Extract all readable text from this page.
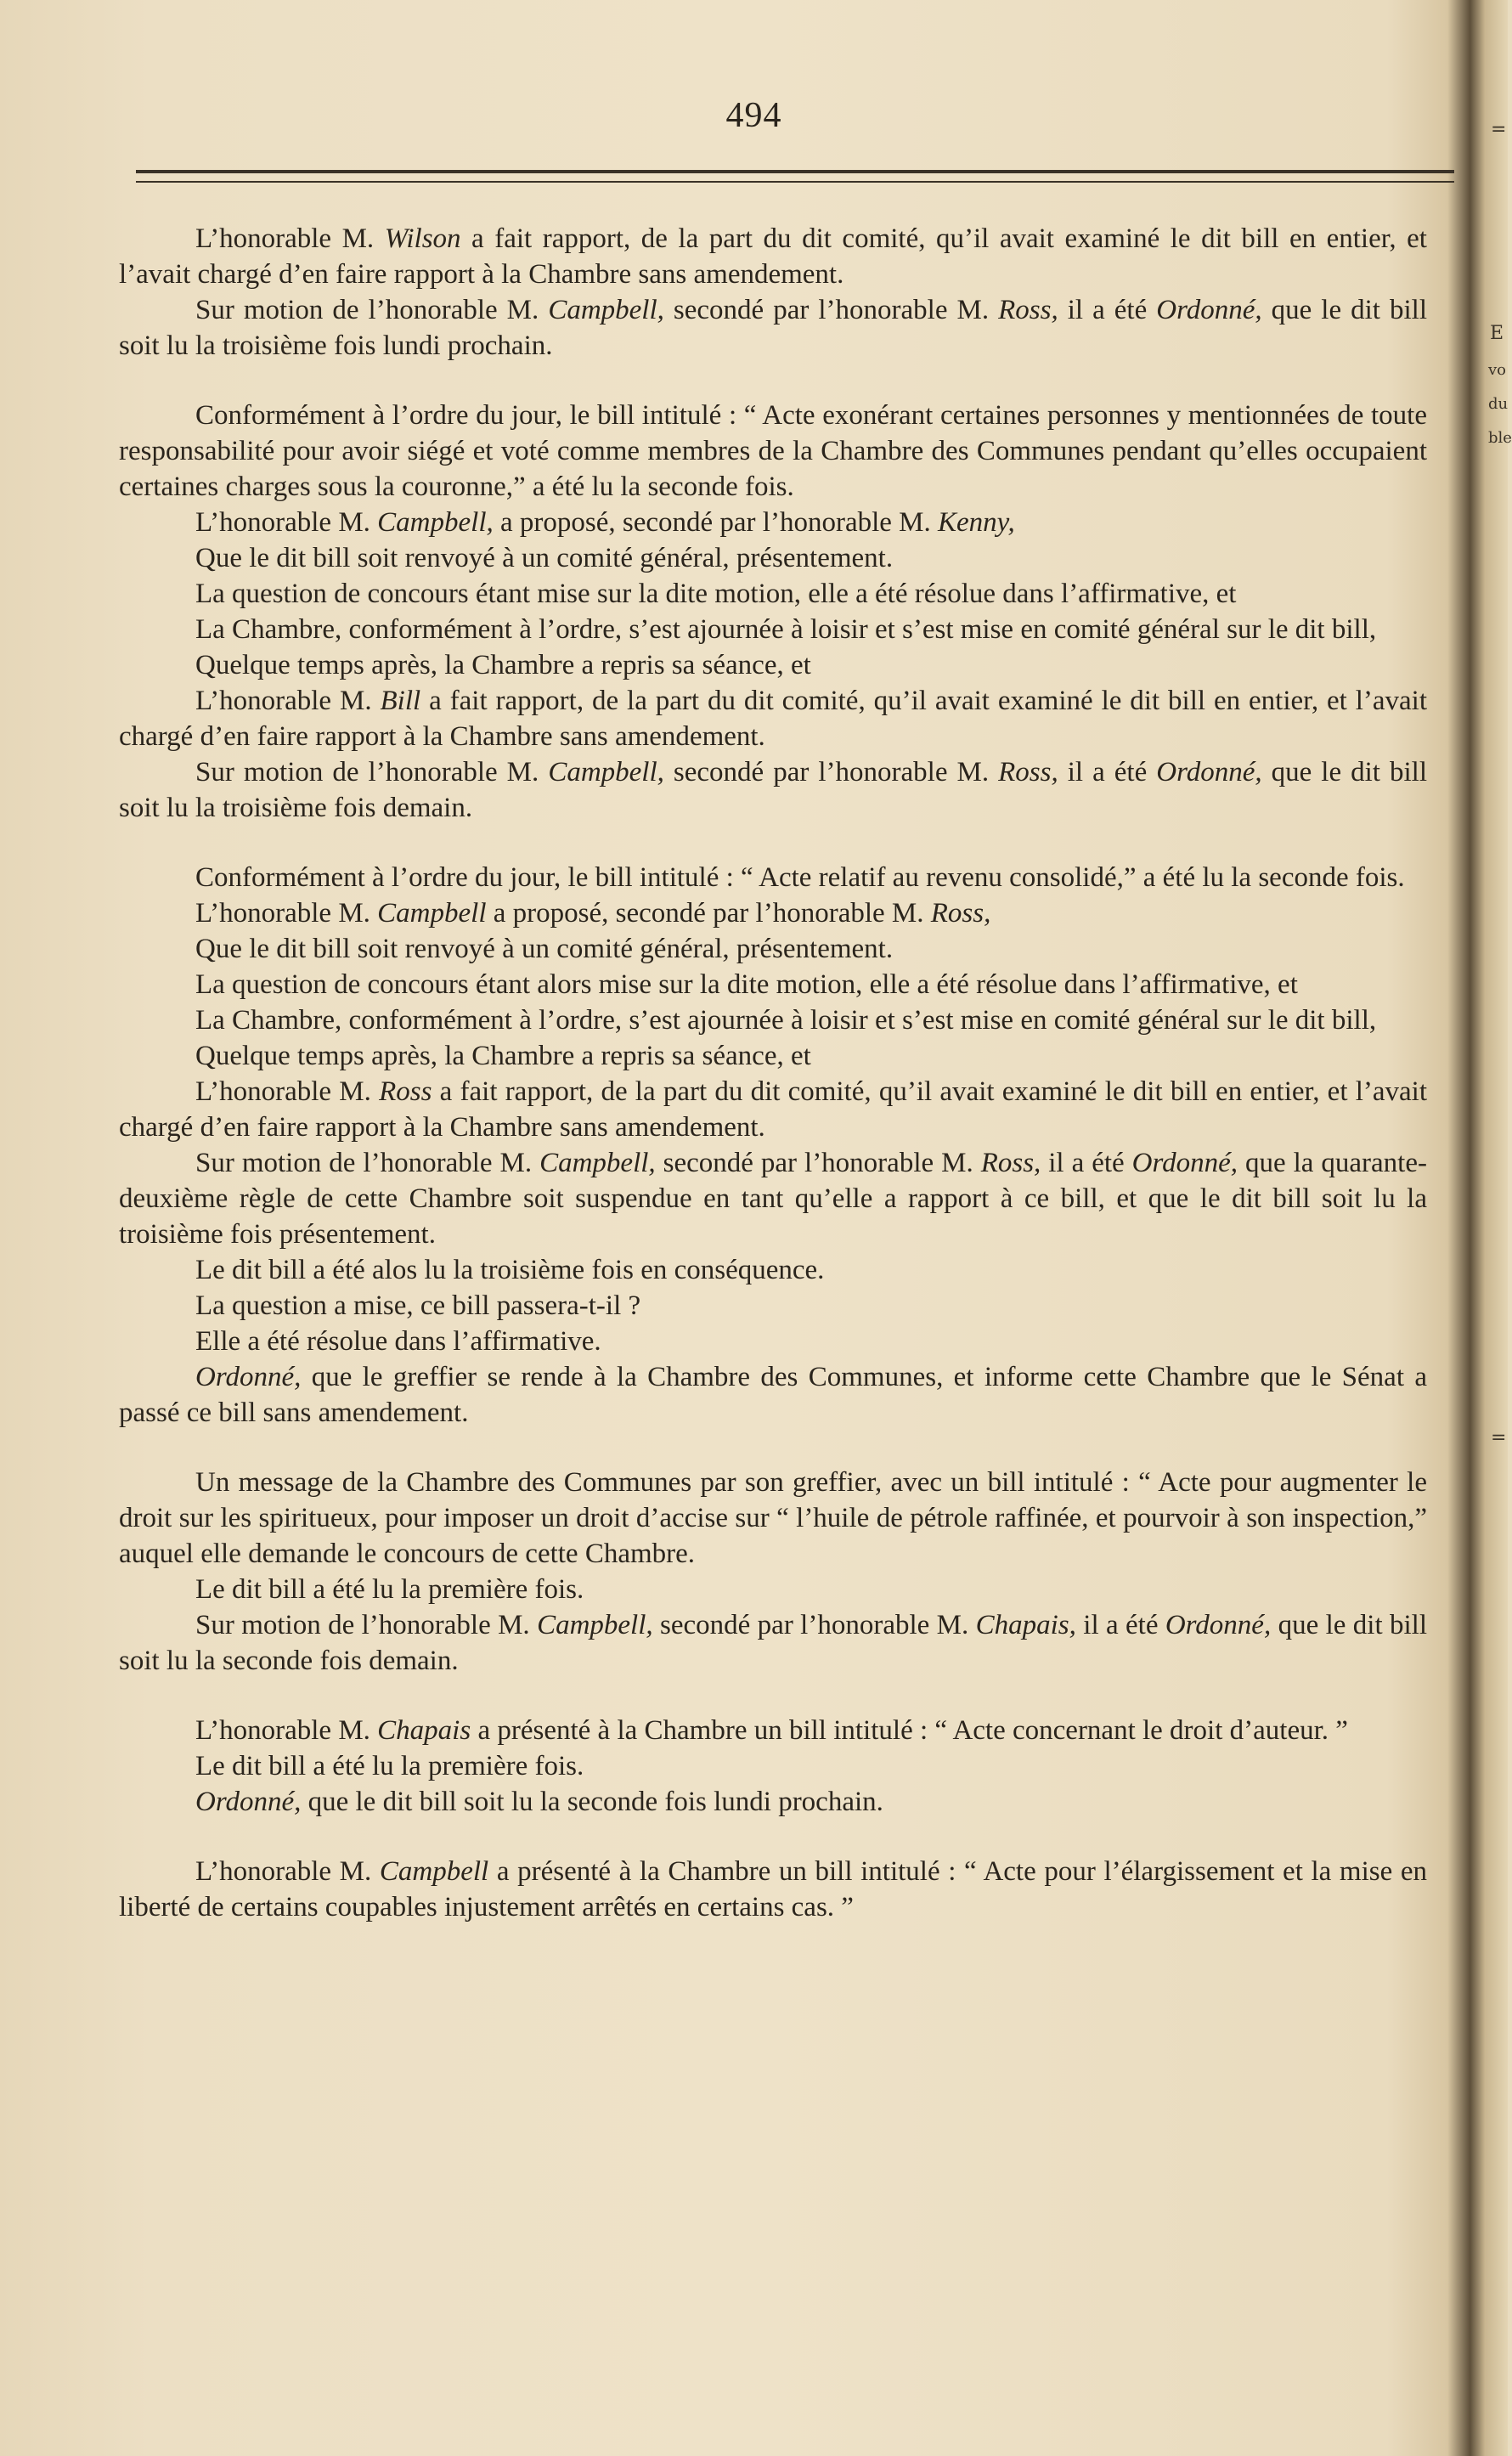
494

L’honorable M. Wilson a fait rapport, de la part du dit comité, qu’il avait examiné le dit bill en entier, et l’avait chargé d’en faire rapport à la Chambre sans amendement.

Sur motion de l’honorable M. Campbell, secondé par l’honorable M. Ross, il a été Ordonné, que le dit bill soit lu la troisième fois lundi prochain.

Conformément à l’ordre du jour, le bill intitulé : “ Acte exonérant certaines personnes y mentionnées de toute responsabilité pour avoir siégé et voté comme membres de la Chambre des Communes pendant qu’elles occupaient certaines charges sous la couronne,” a été lu la seconde fois.

L’honorable M. Campbell, a proposé, secondé par l’honorable M. Kenny,

Que le dit bill soit renvoyé à un comité général, présentement.

La question de concours étant mise sur la dite motion, elle a été résolue dans l’affirmative, et

La Chambre, conformément à l’ordre, s’est ajournée à loisir et s’est mise en comité général sur le dit bill,

Quelque temps après, la Chambre a repris sa séance, et

L’honorable M. Bill a fait rapport, de la part du dit comité, qu’il avait examiné le dit bill en entier, et l’avait chargé d’en faire rapport à la Chambre sans amendement.

Sur motion de l’honorable M. Campbell, secondé par l’honorable M. Ross, il a été Ordonné, que le dit bill soit lu la troisième fois demain.

Conformément à l’ordre du jour, le bill intitulé : “ Acte relatif au revenu consolidé,” a été lu la seconde fois.

L’honorable M. Campbell a proposé, secondé par l’honorable M. Ross,

Que le dit bill soit renvoyé à un comité général, présentement.

La question de concours étant alors mise sur la dite motion, elle a été résolue dans l’affirmative, et

La Chambre, conformément à l’ordre, s’est ajournée à loisir et s’est mise en comité général sur le dit bill,

Quelque temps après, la Chambre a repris sa séance, et

L’honorable M. Ross a fait rapport, de la part du dit comité, qu’il avait examiné le dit bill en entier, et l’avait chargé d’en faire rapport à la Chambre sans amendement.

Sur motion de l’honorable M. Campbell, secondé par l’honorable M. Ross, il a été Ordonné, que la quarante-deuxième règle de cette Chambre soit suspendue en tant qu’elle a rapport à ce bill, et que le dit bill soit lu la troisième fois présentement.

Le dit bill a été alos lu la troisième fois en conséquence.

La question a mise, ce bill passera-t-il ?

Elle a été résolue dans l’affirmative.

Ordonné, que le greffier se rende à la Chambre des Communes, et informe cette Chambre que le Sénat a passé ce bill sans amendement.

Un message de la Chambre des Communes par son greffier, avec un bill intitulé : “ Acte pour augmenter le droit sur les spiritueux, pour imposer un droit d’accise sur “ l’huile de pétrole raffinée, et pourvoir à son inspection,” auquel elle demande le concours de cette Chambre.

Le dit bill a été lu la première fois.

Sur motion de l’honorable M. Campbell, secondé par l’honorable M. Chapais, il a été Ordonné, que le dit bill soit lu la seconde fois demain.

L’honorable M. Chapais a présenté à la Chambre un bill intitulé : “ Acte concernant le droit d’auteur. ”

Le dit bill a été lu la première fois.

Ordonné, que le dit bill soit lu la seconde fois lundi prochain.

L’honorable M. Campbell a présenté à la Chambre un bill intitulé : “ Acte pour l’élargissement et la mise en liberté de certains coupables injustement arrêtés en certains cas. ”

=
E
vo
du
ble
=
